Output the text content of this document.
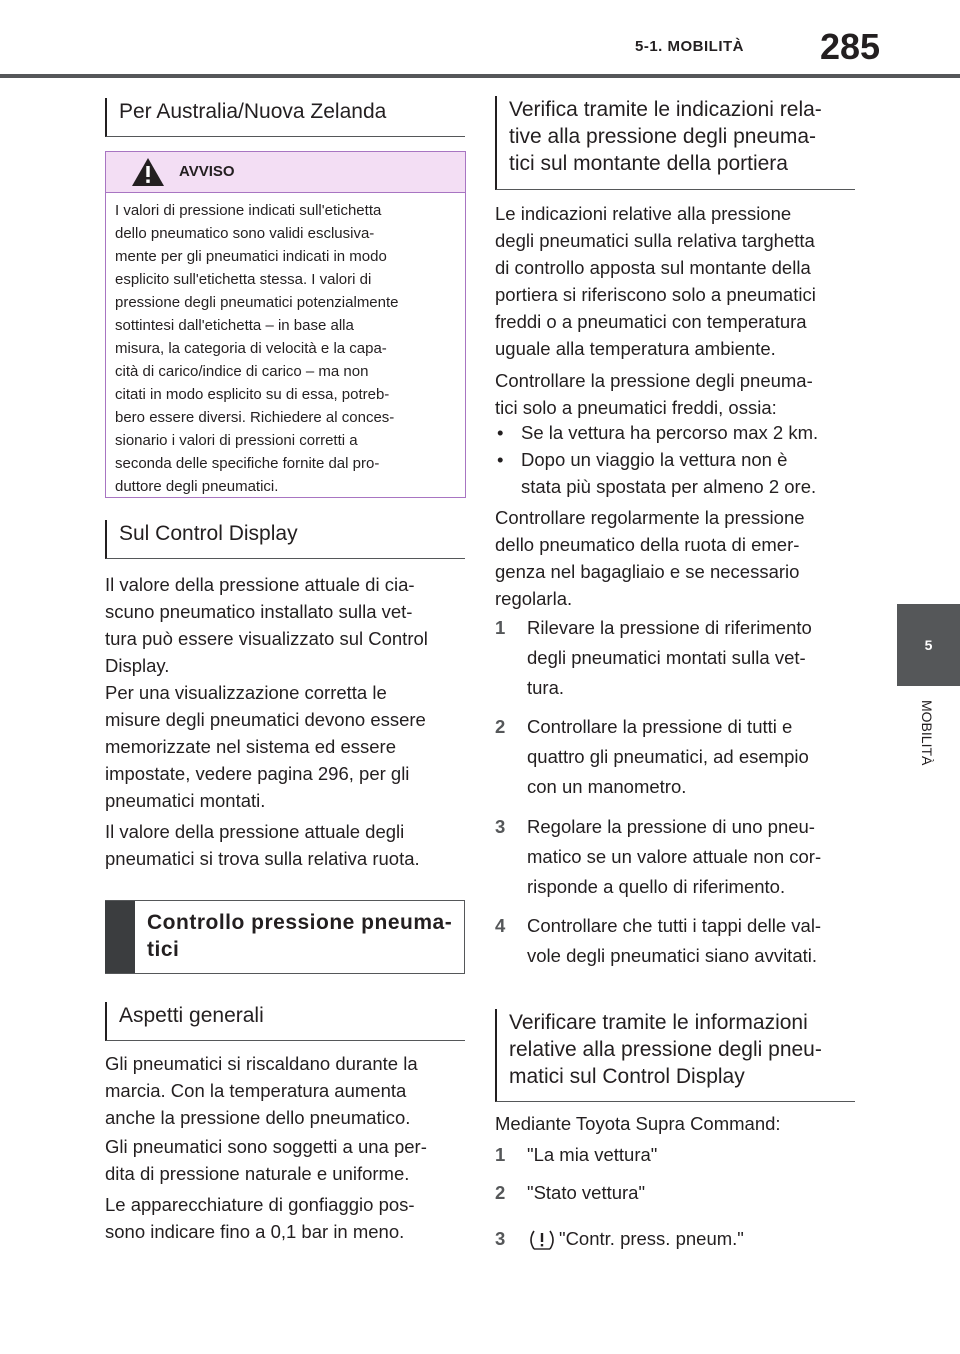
5-1. MOBILITÀ 285
5
MOBILITÀ
Per Australia/Nuova Zelanda
AVVISO
I valori di pressione indicati sull'etichetta
dello pneumatico sono validi esclusiva-
mente per gli pneumatici indicati in modo
esplicito sull'etichetta stessa. I valori di
pressione degli pneumatici potenzialmente
sottintesi dall'etichetta – in base alla
misura, la categoria di velocità e la capa-
cità di carico/indice di carico – ma non
citati in modo esplicito su di essa, potreb-
bero essere diversi. Richiedere al conces-
sionario i valori di pressioni corretti a
seconda delle specifiche fornite dal pro-
duttore degli pneumatici.
Sul Control Display
Il valore della pressione attuale di cia-
scuno pneumatico installato sulla vet-
tura può essere visualizzato sul Control
Display.
Per una visualizzazione corretta le
misure degli pneumatici devono essere
memorizzate nel sistema ed essere
impostate, vedere pagina 296, per gli
pneumatici montati.
Il valore della pressione attuale degli
pneumatici si trova sulla relativa ruota.
Controllo pressione pneuma-
tici
Aspetti generali
Gli pneumatici si riscaldano durante la
marcia. Con la temperatura aumenta
anche la pressione dello pneumatico.
Gli pneumatici sono soggetti a una per-
dita di pressione naturale e uniforme.
Le apparecchiature di gonfiaggio pos-
sono indicare fino a 0,1 bar in meno.
Verifica tramite le indicazioni rela-
tive alla pressione degli pneuma-
tici sul montante della portiera
Le indicazioni relative alla pressione
degli pneumatici sulla relativa targhetta
di controllo apposta sul montante della
portiera si riferiscono solo a pneumatici
freddi o a pneumatici con temperatura
uguale alla temperatura ambiente.
Controllare la pressione degli pneuma-
tici solo a pneumatici freddi, ossia:
• Se la vettura ha percorso max 2 km.
• Dopo un viaggio la vettura non è
stata più spostata per almeno 2 ore.
Controllare regolarmente la pressione
dello pneumatico della ruota di emer-
genza nel bagagliaio e se necessario
regolarla.
1 Rilevare la pressione di riferimento
degli pneumatici montati sulla vet-
tura.
2 Controllare la pressione di tutti e
quattro gli pneumatici, ad esempio
con un manometro.
3 Regolare la pressione di uno pneu-
matico se un valore attuale non cor-
risponde a quello di riferimento.
4 Controllare che tutti i tappi delle val-
vole degli pneumatici siano avvitati.
Verificare tramite le informazioni
relative alla pressione degli pneu-
matici sul Control Display
Mediante Toyota Supra Command:
1 "La mia vettura"
2 "Stato vettura"
3	"Contr. press. pneum."
